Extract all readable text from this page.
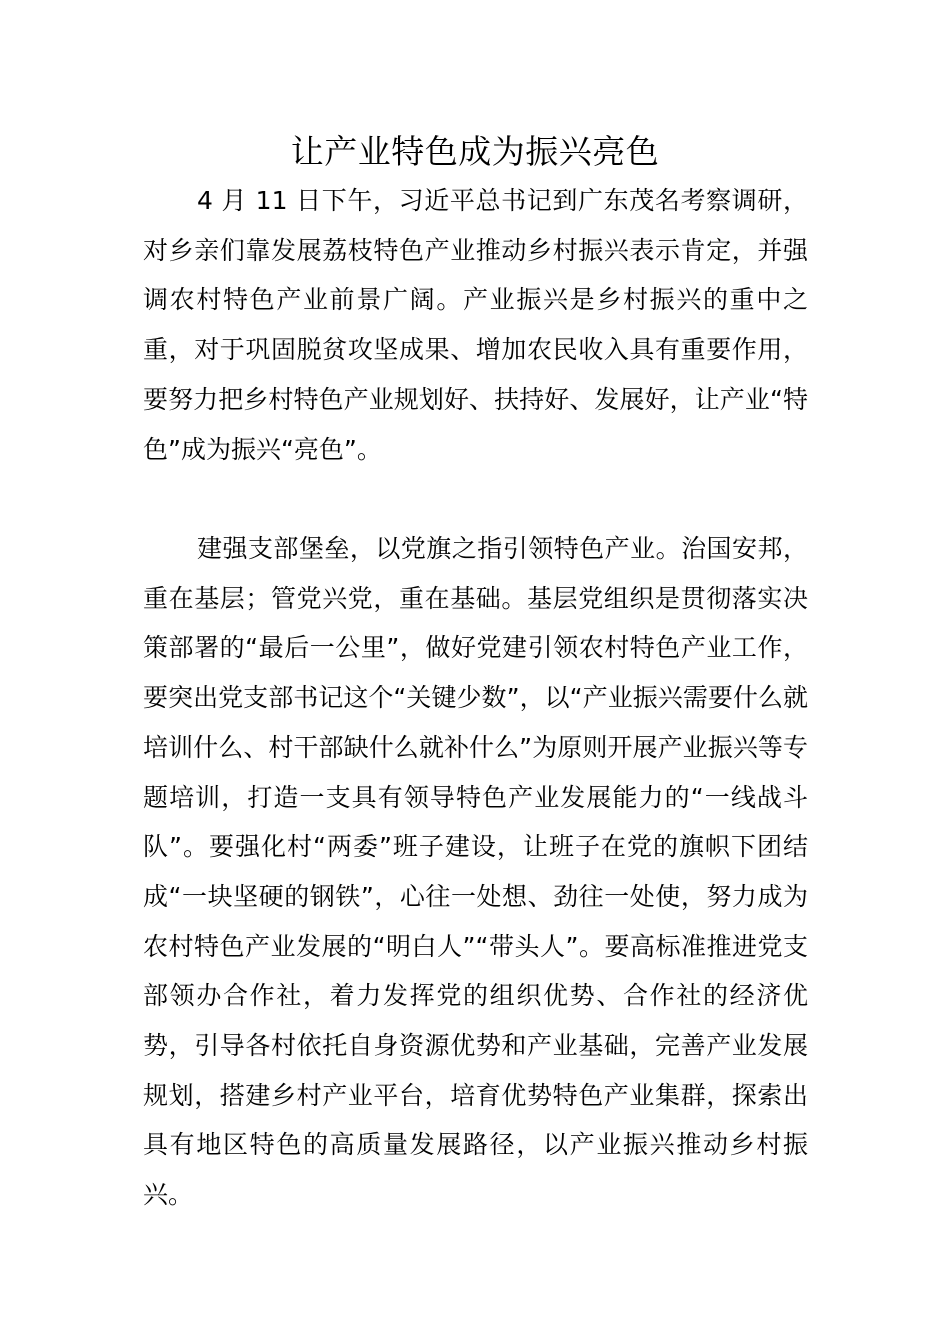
让产业特色成为振兴亮色

4 月 11 日下午，习近平总书记到广东茂名考察调研，对乡亲们靠发展荔枝特色产业推动乡村振兴表示肯定，并强调农村特色产业前景广阔。产业振兴是乡村振兴的重中之重，对于巩固脱贫攻坚成果、增加农民收入具有重要作用，要努力把乡村特色产业规划好、扶持好、发展好，让产业“特色”成为振兴“亮色”。

建强支部堡垒，以党旗之指引领特色产业。治国安邦，重在基层；管党兴党，重在基础。基层党组织是贯彻落实决策部署的“最后一公里”，做好党建引领农村特色产业工作，要突出党支部书记这个“关键少数”，以“产业振兴需要什么就培训什么、村干部缺什么就补什么”为原则开展产业振兴等专题培训，打造一支具有领导特色产业发展能力的“一线战斗队”。要强化村“两委”班子建设，让班子在党的旗帜下团结成“一块坚硬的钢铁”，心往一处想、劲往一处使，努力成为农村特色产业发展的“明白人”“带头人”。要高标准推进党支部领办合作社，着力发挥党的组织优势、合作社的经济优势，引导各村依托自身资源优势和产业基础，完善产业发展规划，搭建乡村产业平台，培育优势特色产业集群，探索出具有地区特色的高质量发展路径，以产业振兴推动乡村振兴。
